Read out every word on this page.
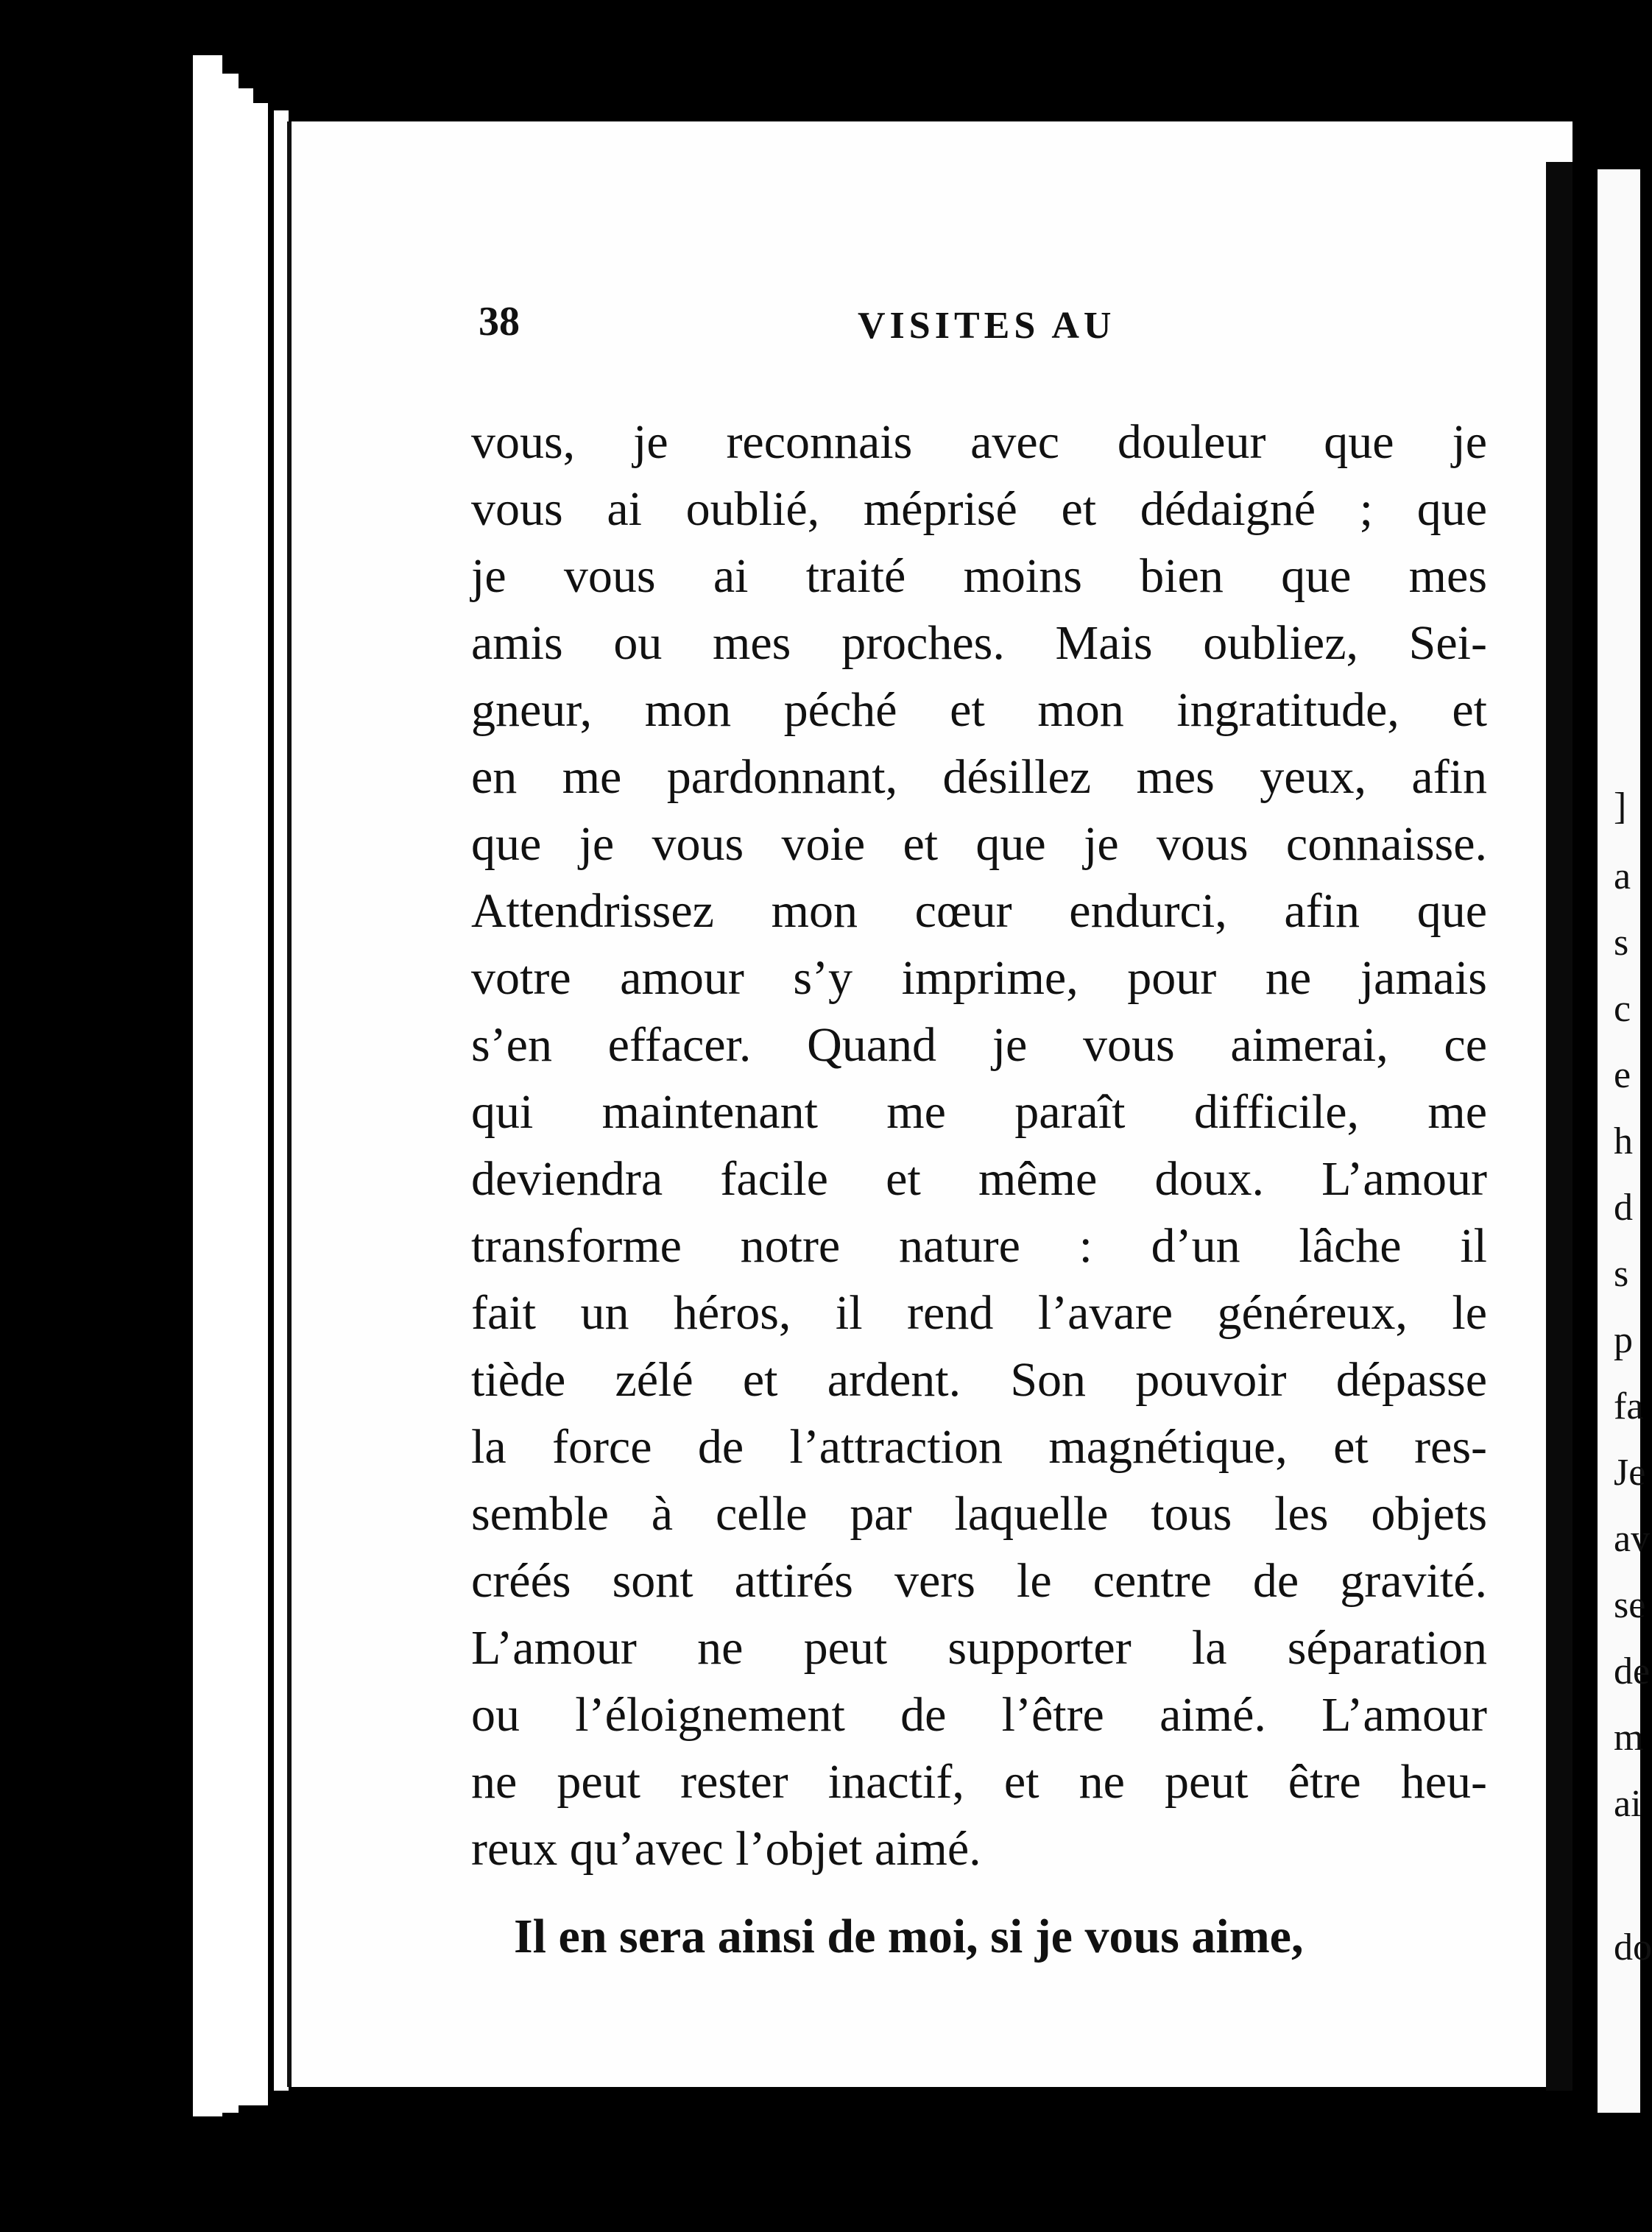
]
a
s
c
e
h
d
s
p
fa
Je
av
se
de
m
ai
do
38	VISITES AU
vous, je reconnais avec douleur que je
vous ai oublié, méprisé et dédaigné ; que
je vous ai traité moins bien que mes
amis ou mes proches. Mais oubliez, Sei-
gneur, mon péché et mon ingratitude, et
en me pardonnant, désillez mes yeux, afin
que je vous voie et que je vous connaisse.
Attendrissez mon cœur endurci, afin que
votre amour s’y imprime, pour ne jamais
s’en effacer. Quand je vous aimerai, ce
qui maintenant me paraît difficile, me
deviendra facile et même doux. L’amour
transforme notre nature : d’un lâche il
fait un héros, il rend l’avare généreux, le
tiède zélé et ardent. Son pouvoir dépasse
la force de l’attraction magnétique, et res-
semble à celle par laquelle tous les objets
créés sont attirés vers le centre de gravité.
L’amour ne peut supporter la séparation
ou l’éloignement de l’être aimé. L’amour
ne peut rester inactif, et ne peut être heu-
reux qu’avec l’objet aimé.
Il en sera ainsi de moi, si je vous aime,
